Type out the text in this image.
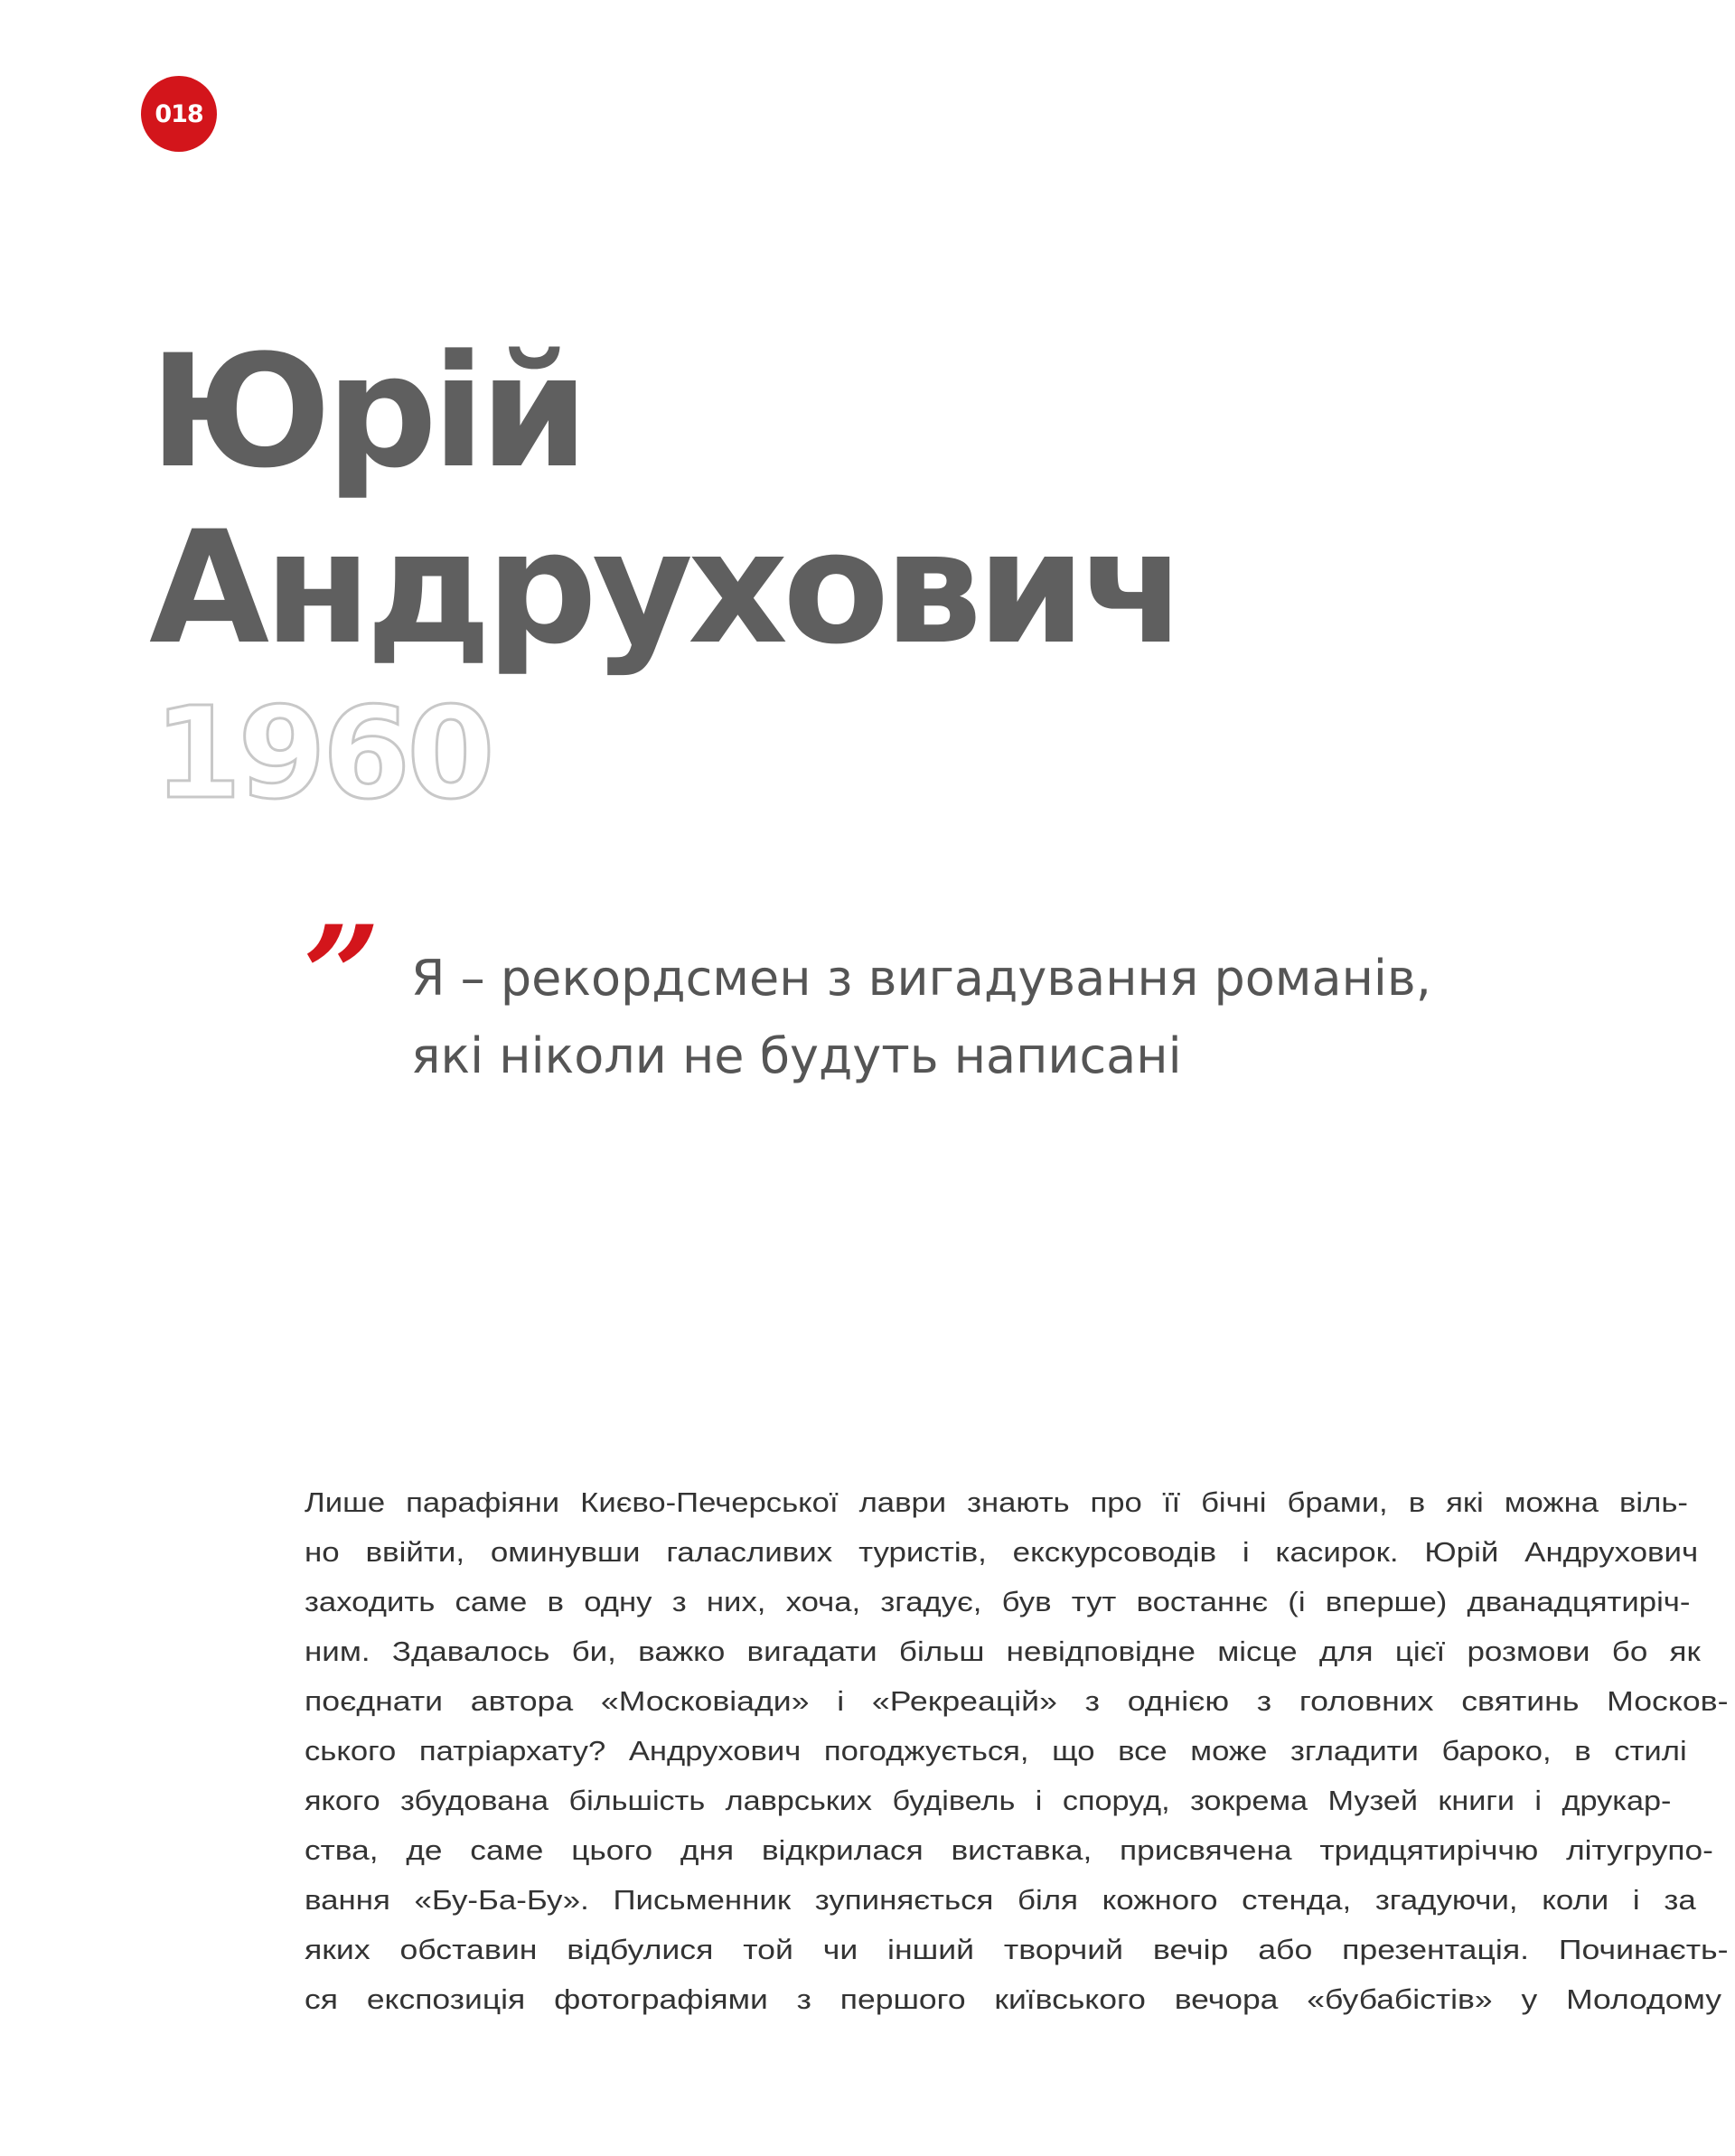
018
Юрій
Андрухович
1960
” Я – рекордсмен з вигадування романів,
які ніколи не будуть написані
Лише парафіяни Києво-Печерської лаври знають про її бічні брами, в які можна віль-
но ввійти, оминувши галасливих туристів, екскурсоводів і касирок. Юрій Андрухович
заходить саме в одну з них, хоча, згадує, був тут востаннє (і вперше) дванадцятиріч-
ним. Здавалось би, важко вигадати більш невідповідне місце для цієї розмови бо як
поєднати автора «Московіади» і «Рекреацій» з однією з головних святинь Москов-
ського патріархату? Андрухович погоджується, що все може згладити бароко, в стилі
якого збудована більшість лаврських будівель і споруд, зокрема Музей книги і друкар-
ства, де саме цього дня відкрилася виставка, присвячена тридцятиріччю літугрупо-
вання «Бу-Ба-Бу». Письменник зупиняється біля кожного стенда, згадуючи, коли і за
яких обставин відбулися той чи інший творчий вечір або презентація. Починаєть-
ся експозиція фотографіями з першого київського вечора «бубабістів» у Молодому
